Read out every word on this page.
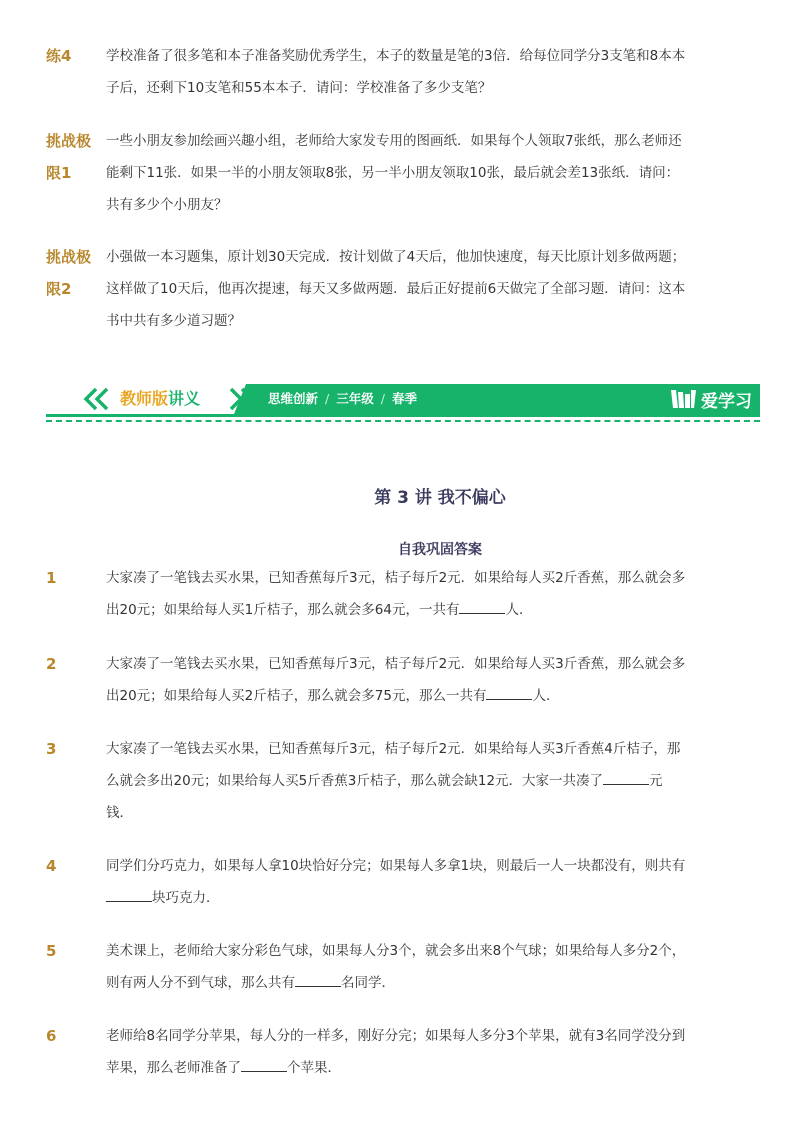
练4	学校准备了很多笔和本子准备奖励优秀学生，本子的数量是笔的3倍．给每位同学分3支笔和8本本
子后，还剩下10支笔和55本本子．请问：学校准备了多少支笔？
挑战极
限1
一些小朋友参加绘画兴趣小组，老师给大家发专用的图画纸．如果每个人领取7张纸，那么老师还
能剩下11张．如果一半的小朋友领取8张，另一半小朋友领取10张，最后就会差13张纸．请问：
共有多少个小朋友？
挑战极
限2
小强做一本习题集，原计划30天完成．按计划做了4天后，他加快速度，每天比原计划多做两题；
这样做了10天后，他再次提速，每天又多做两题．最后正好提前6天做完了全部习题．请问：这本
书中共有多少道习题？
教师版讲义	思维创新 / 三年级 / 春季	爱学习
第 3 讲 我不偏心
自我巩固答案
1	大家凑了一笔钱去买水果，已知香蕉每斤3元，桔子每斤2元．如果给每人买2斤香蕉，那么就会多
出20元；如果给每人买1斤桔子，那么就会多64元，一共有	人．
2	大家凑了一笔钱去买水果，已知香蕉每斤3元，桔子每斤2元．如果给每人买3斤香蕉，那么就会多
出20元；如果给每人买2斤桔子，那么就会多75元，那么一共有	人．
3	大家凑了一笔钱去买水果，已知香蕉每斤3元，桔子每斤2元．如果给每人买3斤香蕉4斤桔子，那
么就会多出20元；如果给每人买5斤香蕉3斤桔子，那么就会缺12元．大家一共凑了	元
钱．
4	同学们分巧克力，如果每人拿10块恰好分完；如果每人多拿1块，则最后一人一块都没有，则共有
块巧克力．
5	美术课上，老师给大家分彩色气球，如果每人分3个，就会多出来8个气球；如果给每人多分2个，
则有两人分不到气球，那么共有	名同学．
6	老师给8名同学分苹果，每人分的一样多，刚好分完；如果每人多分3个苹果，就有3名同学没分到
苹果，那么老师准备了	个苹果．
